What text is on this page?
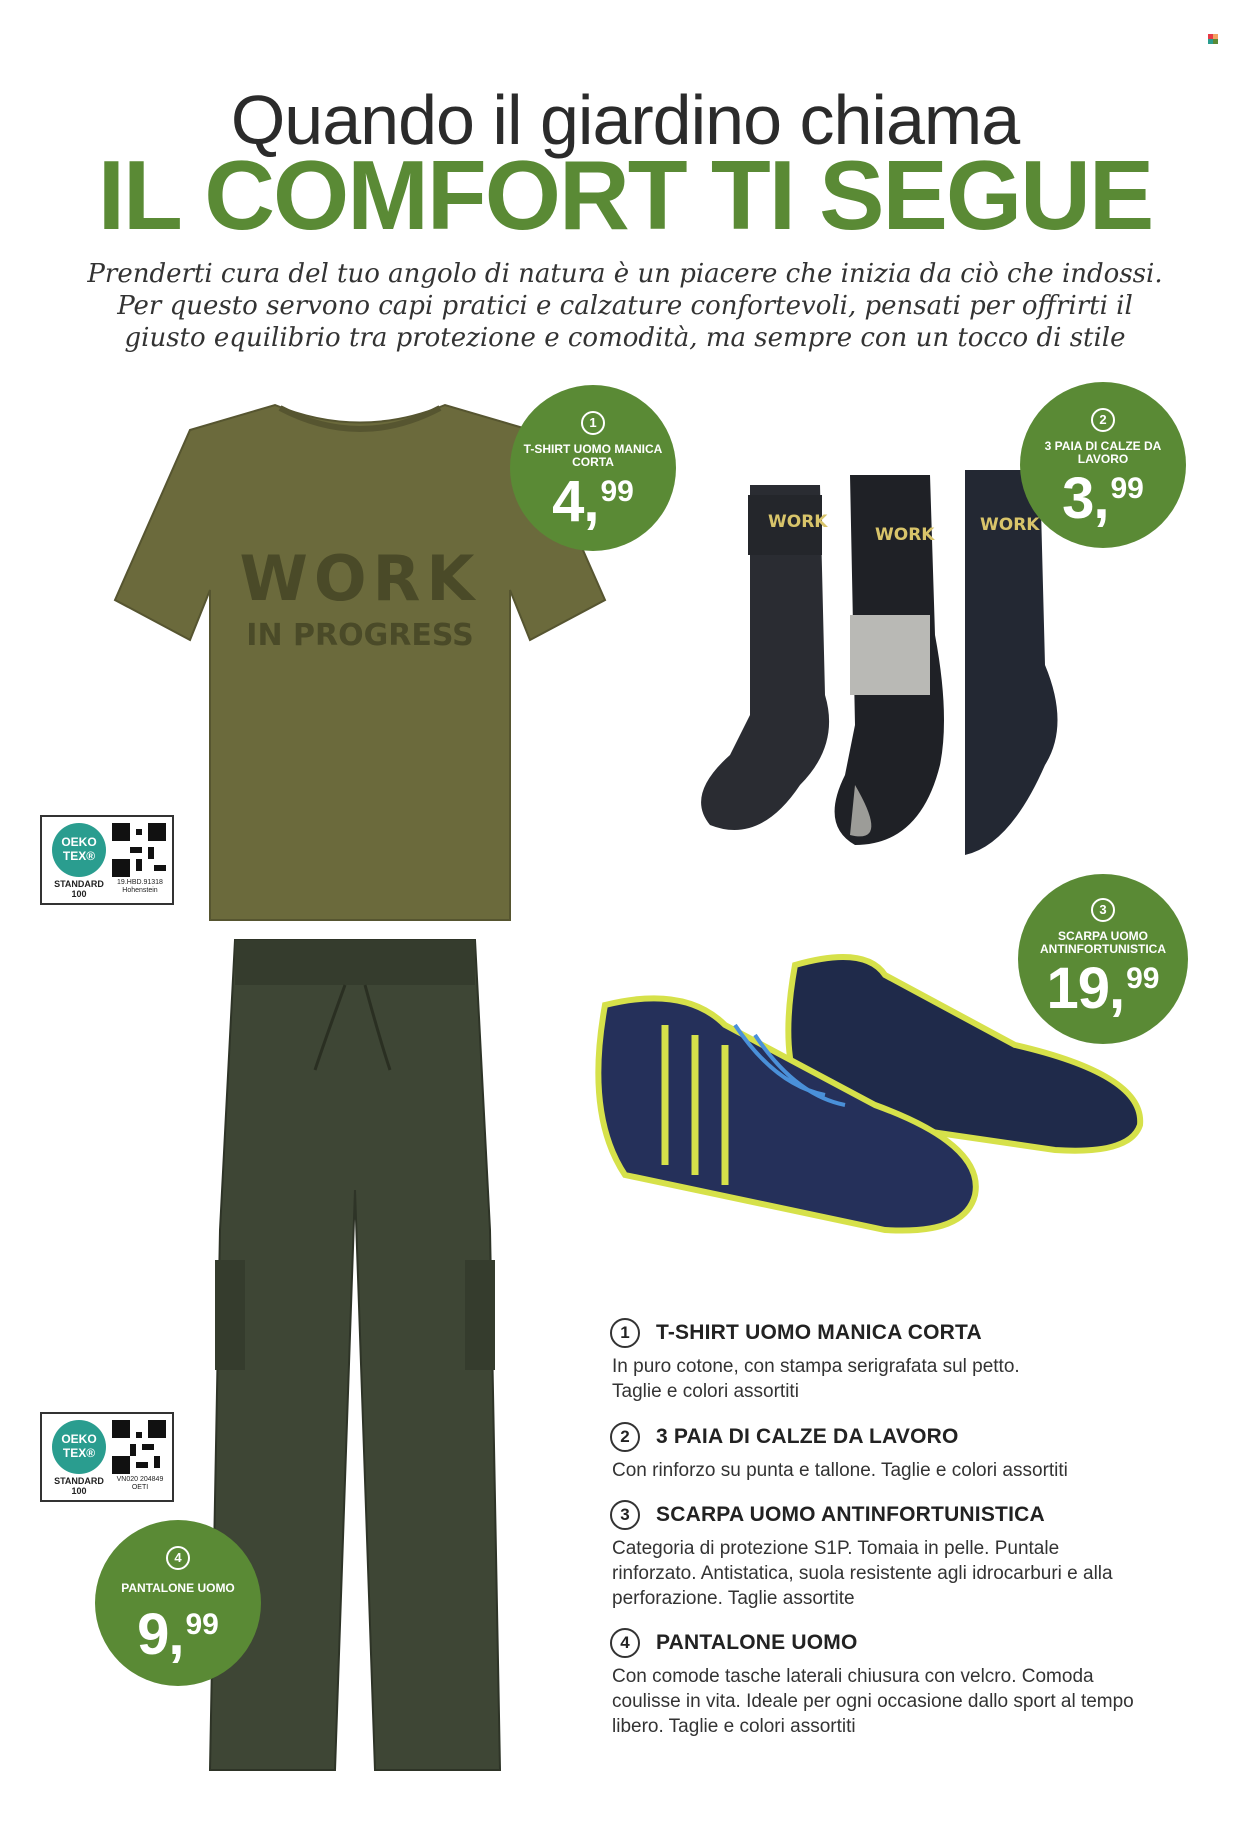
Quando il giardino chiama
IL COMFORT TI SEGUE

Prenderti cura del tuo angolo di natura è un piacere che inizia da ciò che indossi.

Per questo servono capi pratici e calzature confortevoli, pensati per offrirti il

giusto equilibrio tra protezione e comodità, ma sempre con un tocco di stile

WORK
IN PROGRESS
WORK
WORK	WORK
1
T-SHIRT UOMO MANICA CORTA
4,99
2
3 PAIA DI CALZE DA LAVORO
3,99
3
SCARPA UOMO ANTINFORTUNISTICA
19,99
4
PANTALONE UOMO
9,99
OEKO TEX®
STANDARD 100
19.HBD.91318
Hohenstein
OEKO TEX®
STANDARD 100
VN020 204849
OETI
1	T-SHIRT UOMO MANICA CORTA
In puro cotone, con stampa serigrafata sul petto.
Taglie e colori assortiti
2	3 PAIA DI CALZE DA LAVORO
Con rinforzo su punta e tallone. Taglie e colori assortiti
3	SCARPA UOMO ANTINFORTUNISTICA
Categoria di protezione S1P. Tomaia in pelle. Puntale
rinforzato. Antistatica, suola resistente agli idrocarburi e alla
perforazione. Taglie assortite
4	PANTALONE UOMO
Con comode tasche laterali chiusura con velcro. Comoda
coulisse in vita. Ideale per ogni occasione dallo sport al tempo
libero. Taglie e colori assortiti
